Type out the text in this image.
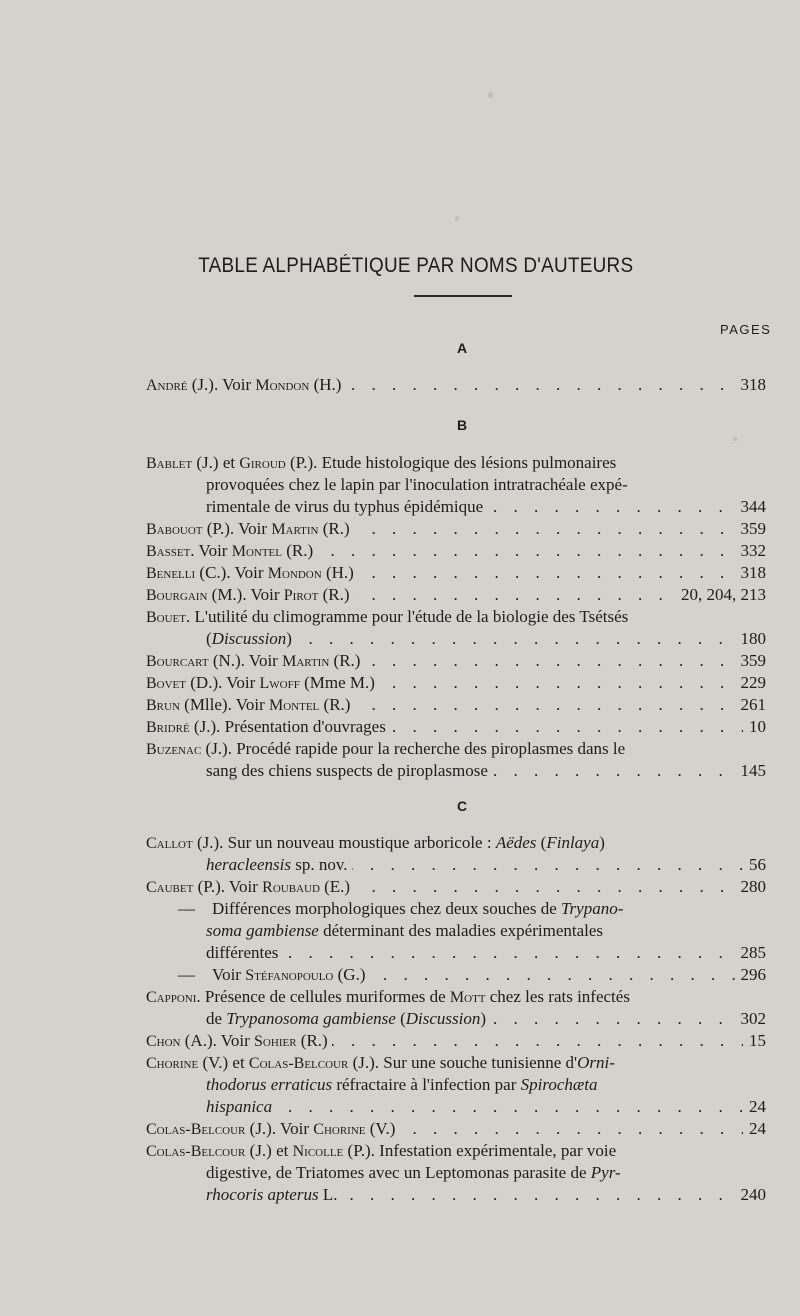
TABLE ALPHABÉTIQUE PAR NOMS D'AUTEURS
PAGES
A
André (J.). Voir Mondon (H.) . . .	318
B
Bablet (J.) et Giroud (P.). Etude histologique des lésions pulmonaires
provoquées chez le lapin par l'inoculation intratrachéale expé-
rimentale de virus du typhus épidémique . . .	344
Babouot (P.). Voir Martin (R.) . . .	359
Basset. Voir Montel (R.) . . .	332
Benelli (C.). Voir Mondon (H.) . . .	318
Bourgain (M.). Voir Pirot (R.) . . .	20, 204, 213
Bouet. L'utilité du climogramme pour l'étude de la biologie des Tsétsés
(Discussion) . . .	180
Bourcart (N.). Voir Martin (R.) . . .	359
Bovet (D.). Voir Lwoff (Mme M.) . . .	229
Brun (Mlle). Voir Montel (R.) . . .	261
Bridré (J.). Présentation d'ouvrages . . .	10
Buzenac (J.). Procédé rapide pour la recherche des piroplasmes dans le
sang des chiens suspects de piroplasmose . . .	145
C
Callot (J.). Sur un nouveau moustique arboricole : Aëdes (Finlaya)
heracleensis sp. nov. . . .	56
Caubet (P.). Voir Roubaud (E.) . . .	280
—    Différences morphologiques chez deux souches de Trypano-
soma gambiense déterminant des maladies expérimentales
différentes . . .	285
—    Voir Stéfanopoulo (G.) . . .	296
Capponi. Présence de cellules muriformes de Mott chez les rats infectés
de Trypanosoma gambiense (Discussion) . . .	302
Chon (A.). Voir Sohier (R.) . . .	15
Chorine (V.) et Colas-Belcour (J.). Sur une souche tunisienne d'Orni-
thodorus erraticus réfractaire à l'infection par Spirochæta
hispanica . . .	24
Colas-Belcour (J.). Voir Chorine (V.) . . .	24
Colas-Belcour (J.) et Nicolle (P.). Infestation expérimentale, par voie
digestive, de Triatomes avec un Leptomonas parasite de Pyr-
rhocoris apterus L. . . .	240
